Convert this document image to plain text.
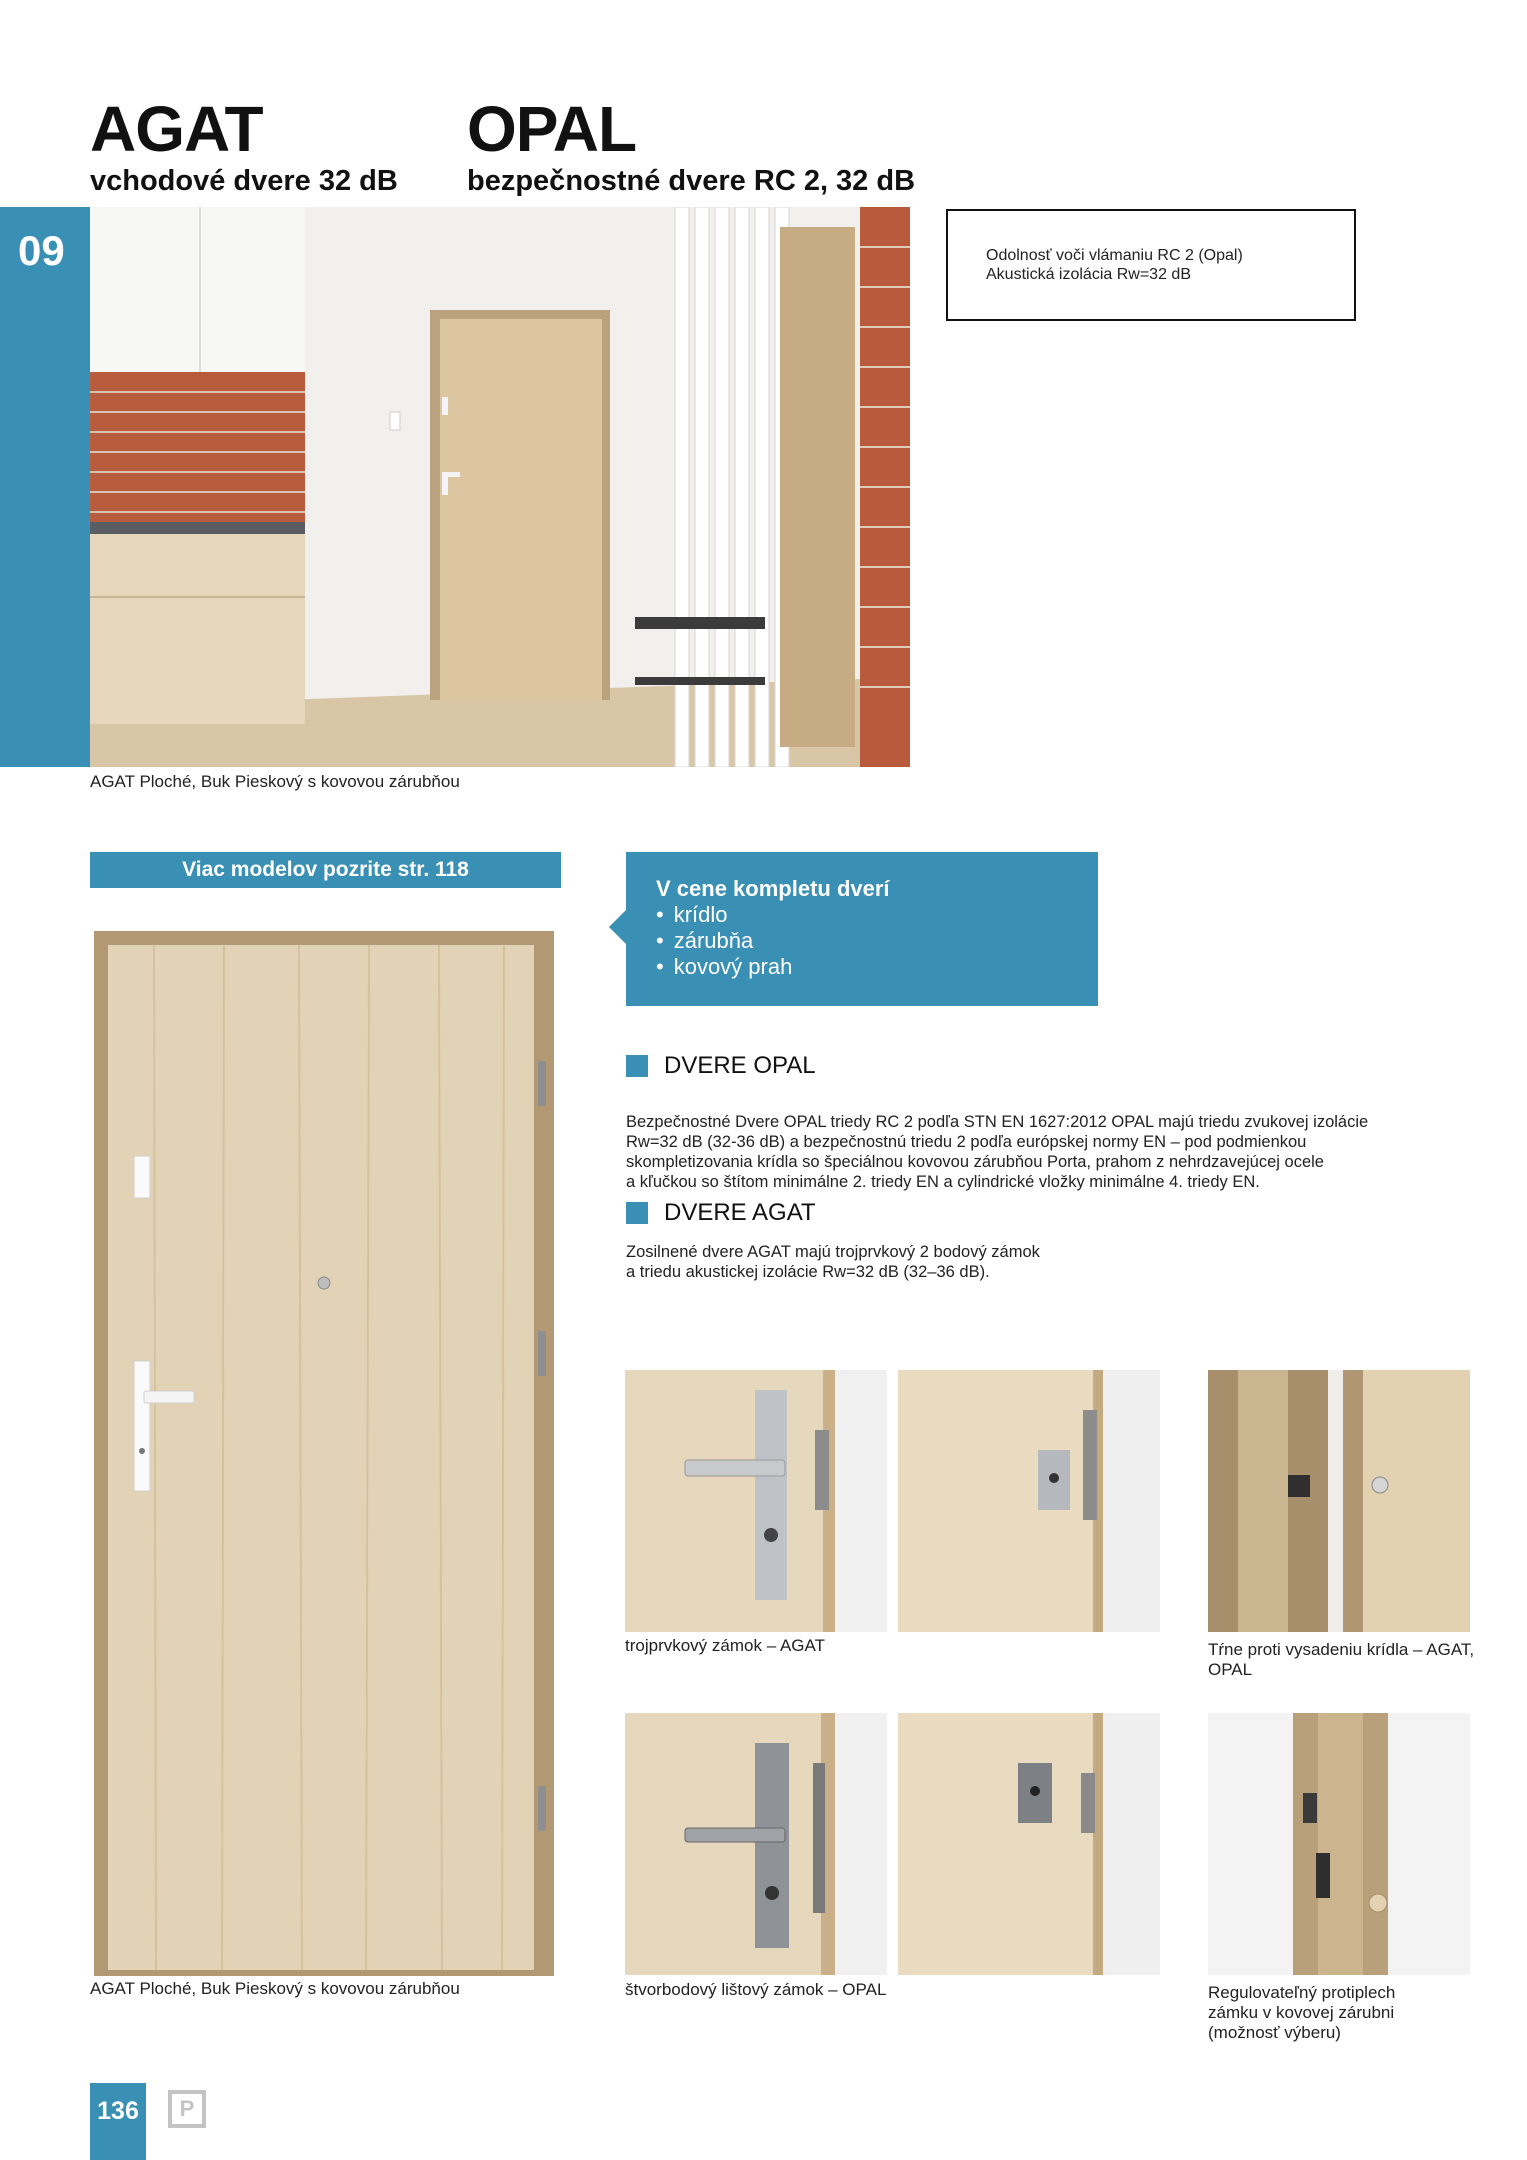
AGAT
vchodové dvere 32 dB
OPAL
bezpečnostné dvere RC 2, 32 dB
09
AGAT Ploché, Buk Pieskový s kovovou zárubňou
Odolnosť voči vlámaniu RC 2 (Opal)
Akustická izolácia Rw=32 dB
Viac modelov pozrite str. 118
V cene kompletu dverí
• krídlo
• zárubňa
• kovový prah
DVERE OPAL
Bezpečnostné Dvere OPAL triedy RC 2 podľa STN EN 1627:2012 OPAL majú triedu zvukovej izolácie
Rw=32 dB (32-36 dB) a bezpečnostnú triedu 2 podľa európskej normy EN – pod podmienkou
skompletizovania krídla so špeciálnou kovovou zárubňou Porta, prahom z nehrdzavejúcej ocele
a kľučkou so štítom minimálne 2. triedy EN a cylindrické vložky minimálne 4. triedy EN.
DVERE AGAT
Zosilnené dvere AGAT majú trojprvkový 2 bodový zámok
a triedu akustickej izolácie Rw=32 dB (32–36 dB).
AGAT Ploché, Buk Pieskový s kovovou zárubňou
trojprvkový zámok – AGAT	Tŕne proti vysadeniu krídla – AGAT,
OPAL
štvorbodový lištový zámok – OPAL	Regulovateľný protiplech
zámku v kovovej zárubni
(možnosť výberu)
136	P
